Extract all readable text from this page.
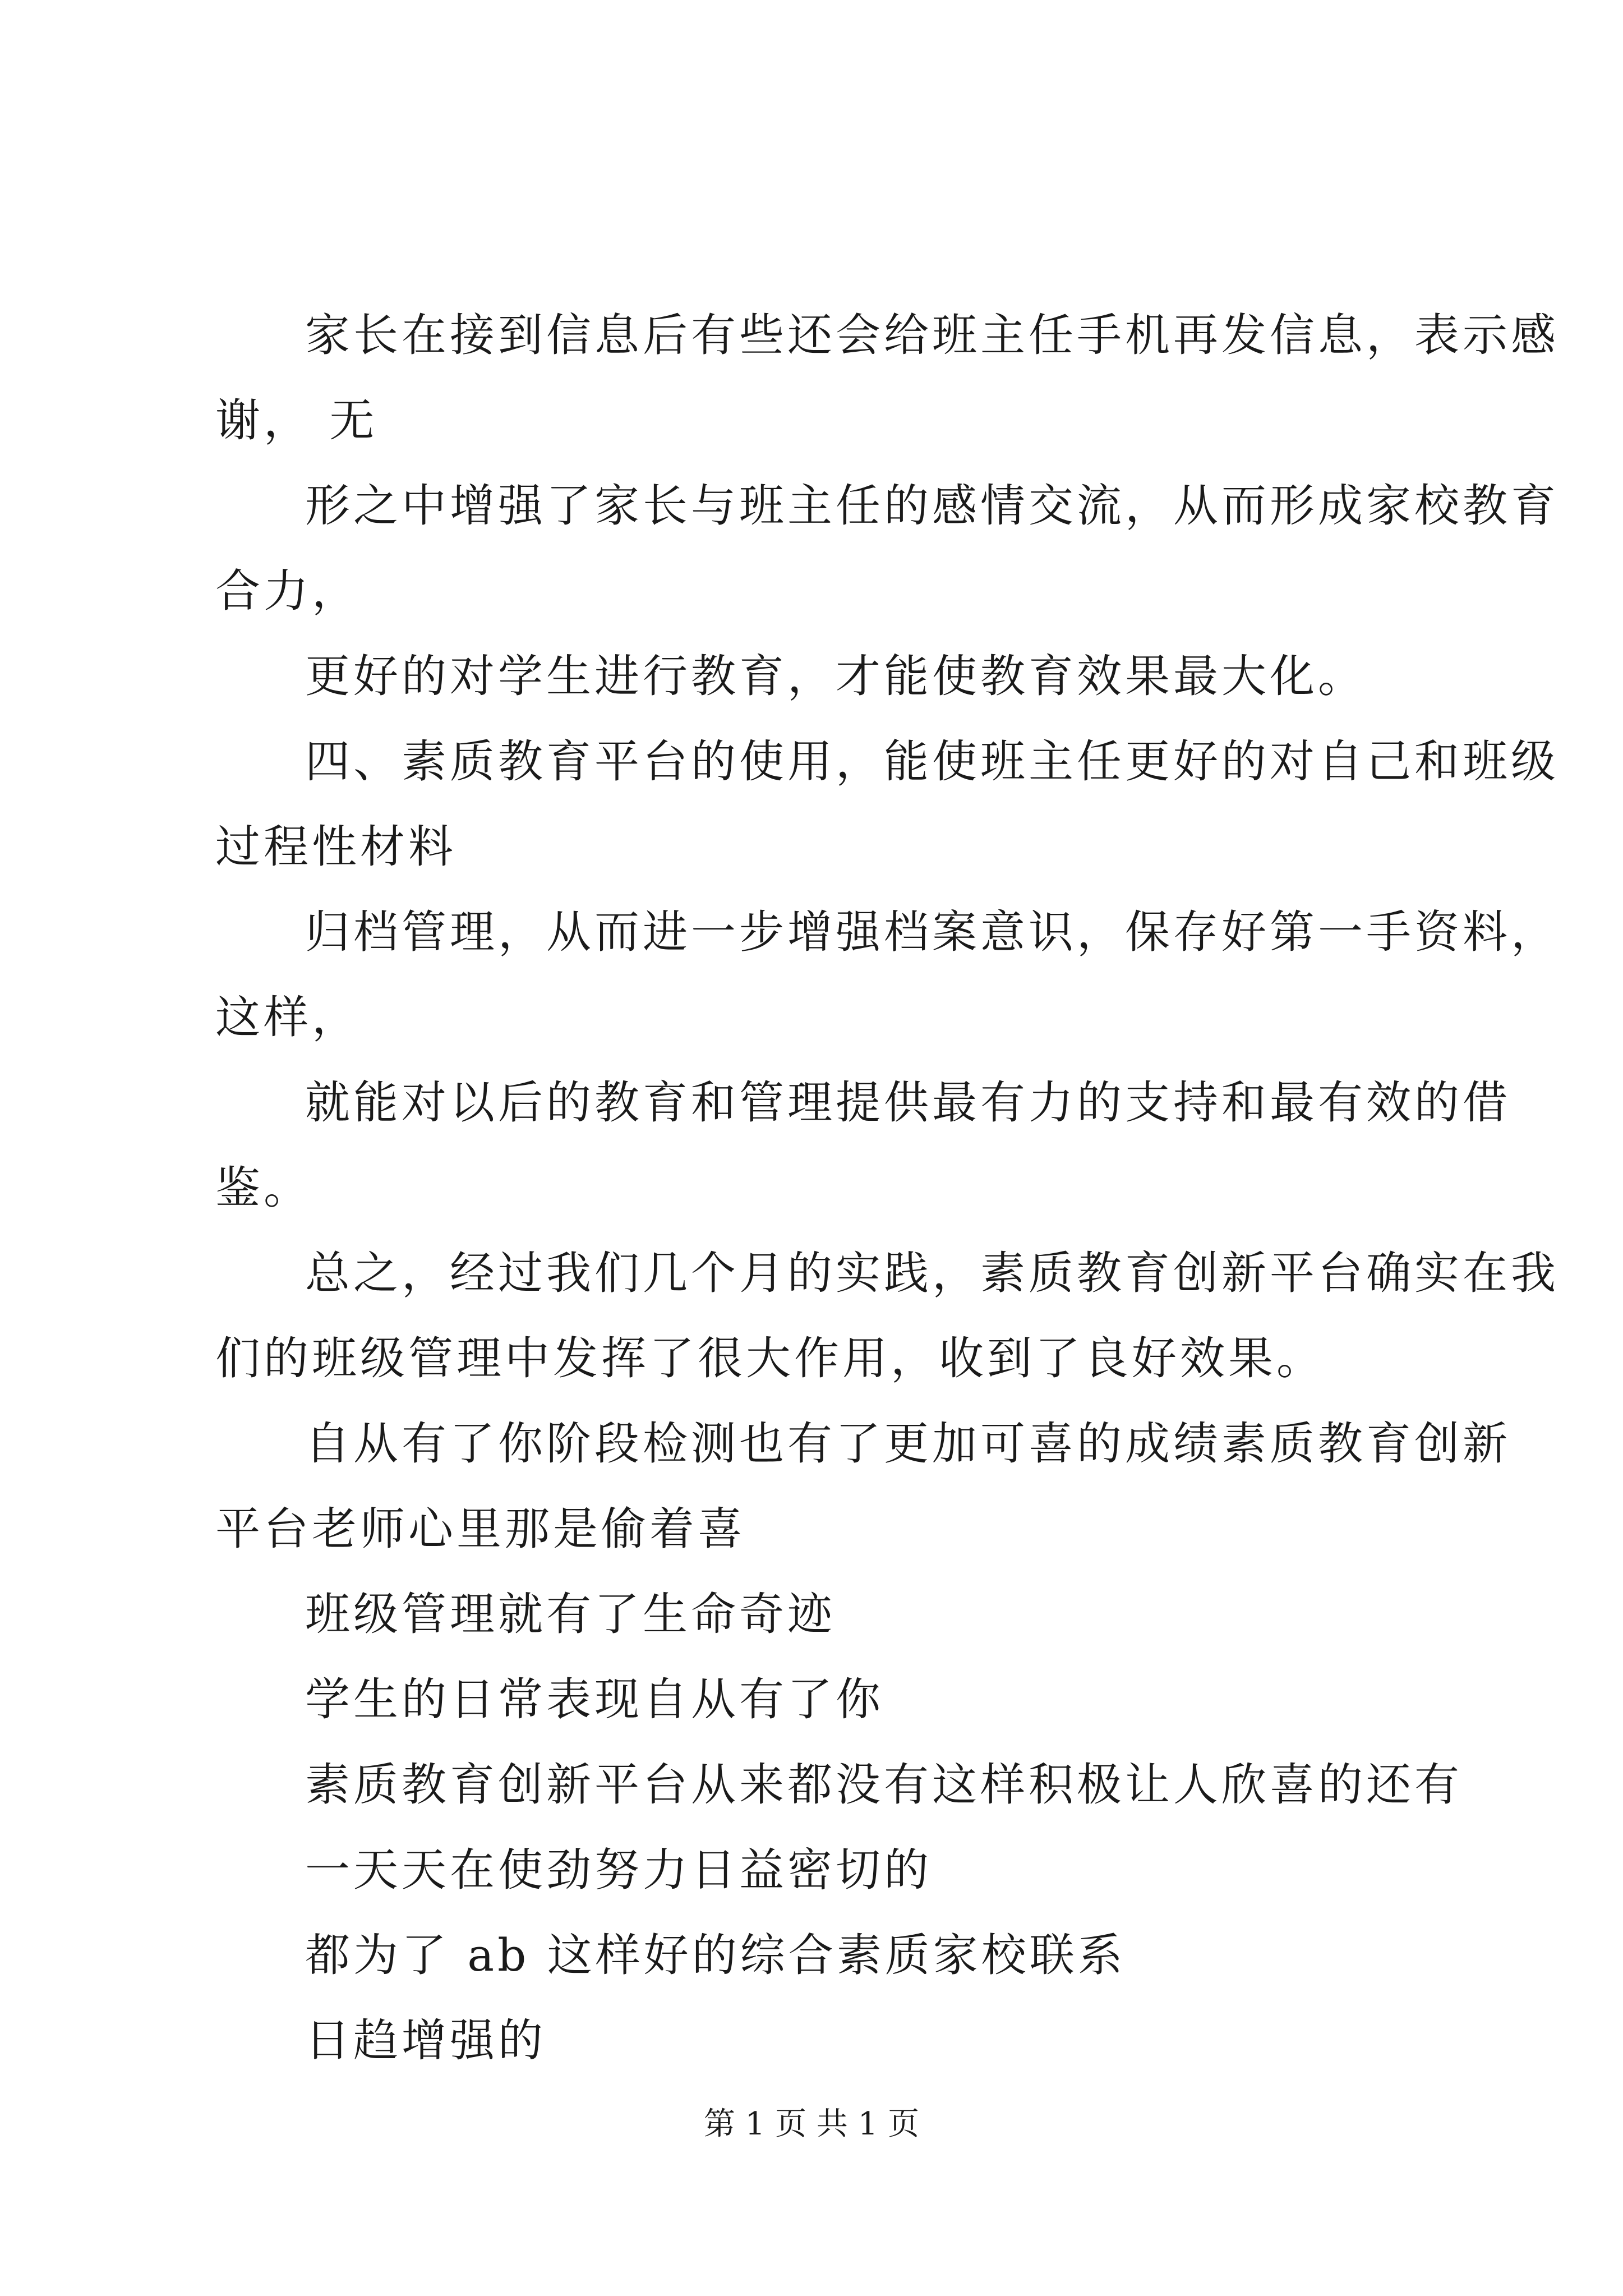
家长在接到信息后有些还会给班主任手机再发信息，表示感
谢， 无
形之中增强了家长与班主任的感情交流，从而形成家校教育
合力，
更好的对学生进行教育，才能使教育效果最大化。
四、素质教育平台的使用，能使班主任更好的对自己和班级
过程性材料
归档管理，从而进一步增强档案意识，保存好第一手资料，
这样，
就能对以后的教育和管理提供最有力的支持和最有效的借
鉴。
总之，经过我们几个月的实践，素质教育创新平台确实在我
们的班级管理中发挥了很大作用，收到了良好效果。
自从有了你阶段检测也有了更加可喜的成绩素质教育创新
平台老师心里那是偷着喜
班级管理就有了生命奇迹
学生的日常表现自从有了你
素质教育创新平台从来都没有这样积极让人欣喜的还有
一天天在使劲努力日益密切的
都为了 ab 这样好的综合素质家校联系
日趋增强的
第 1 页 共 1 页
